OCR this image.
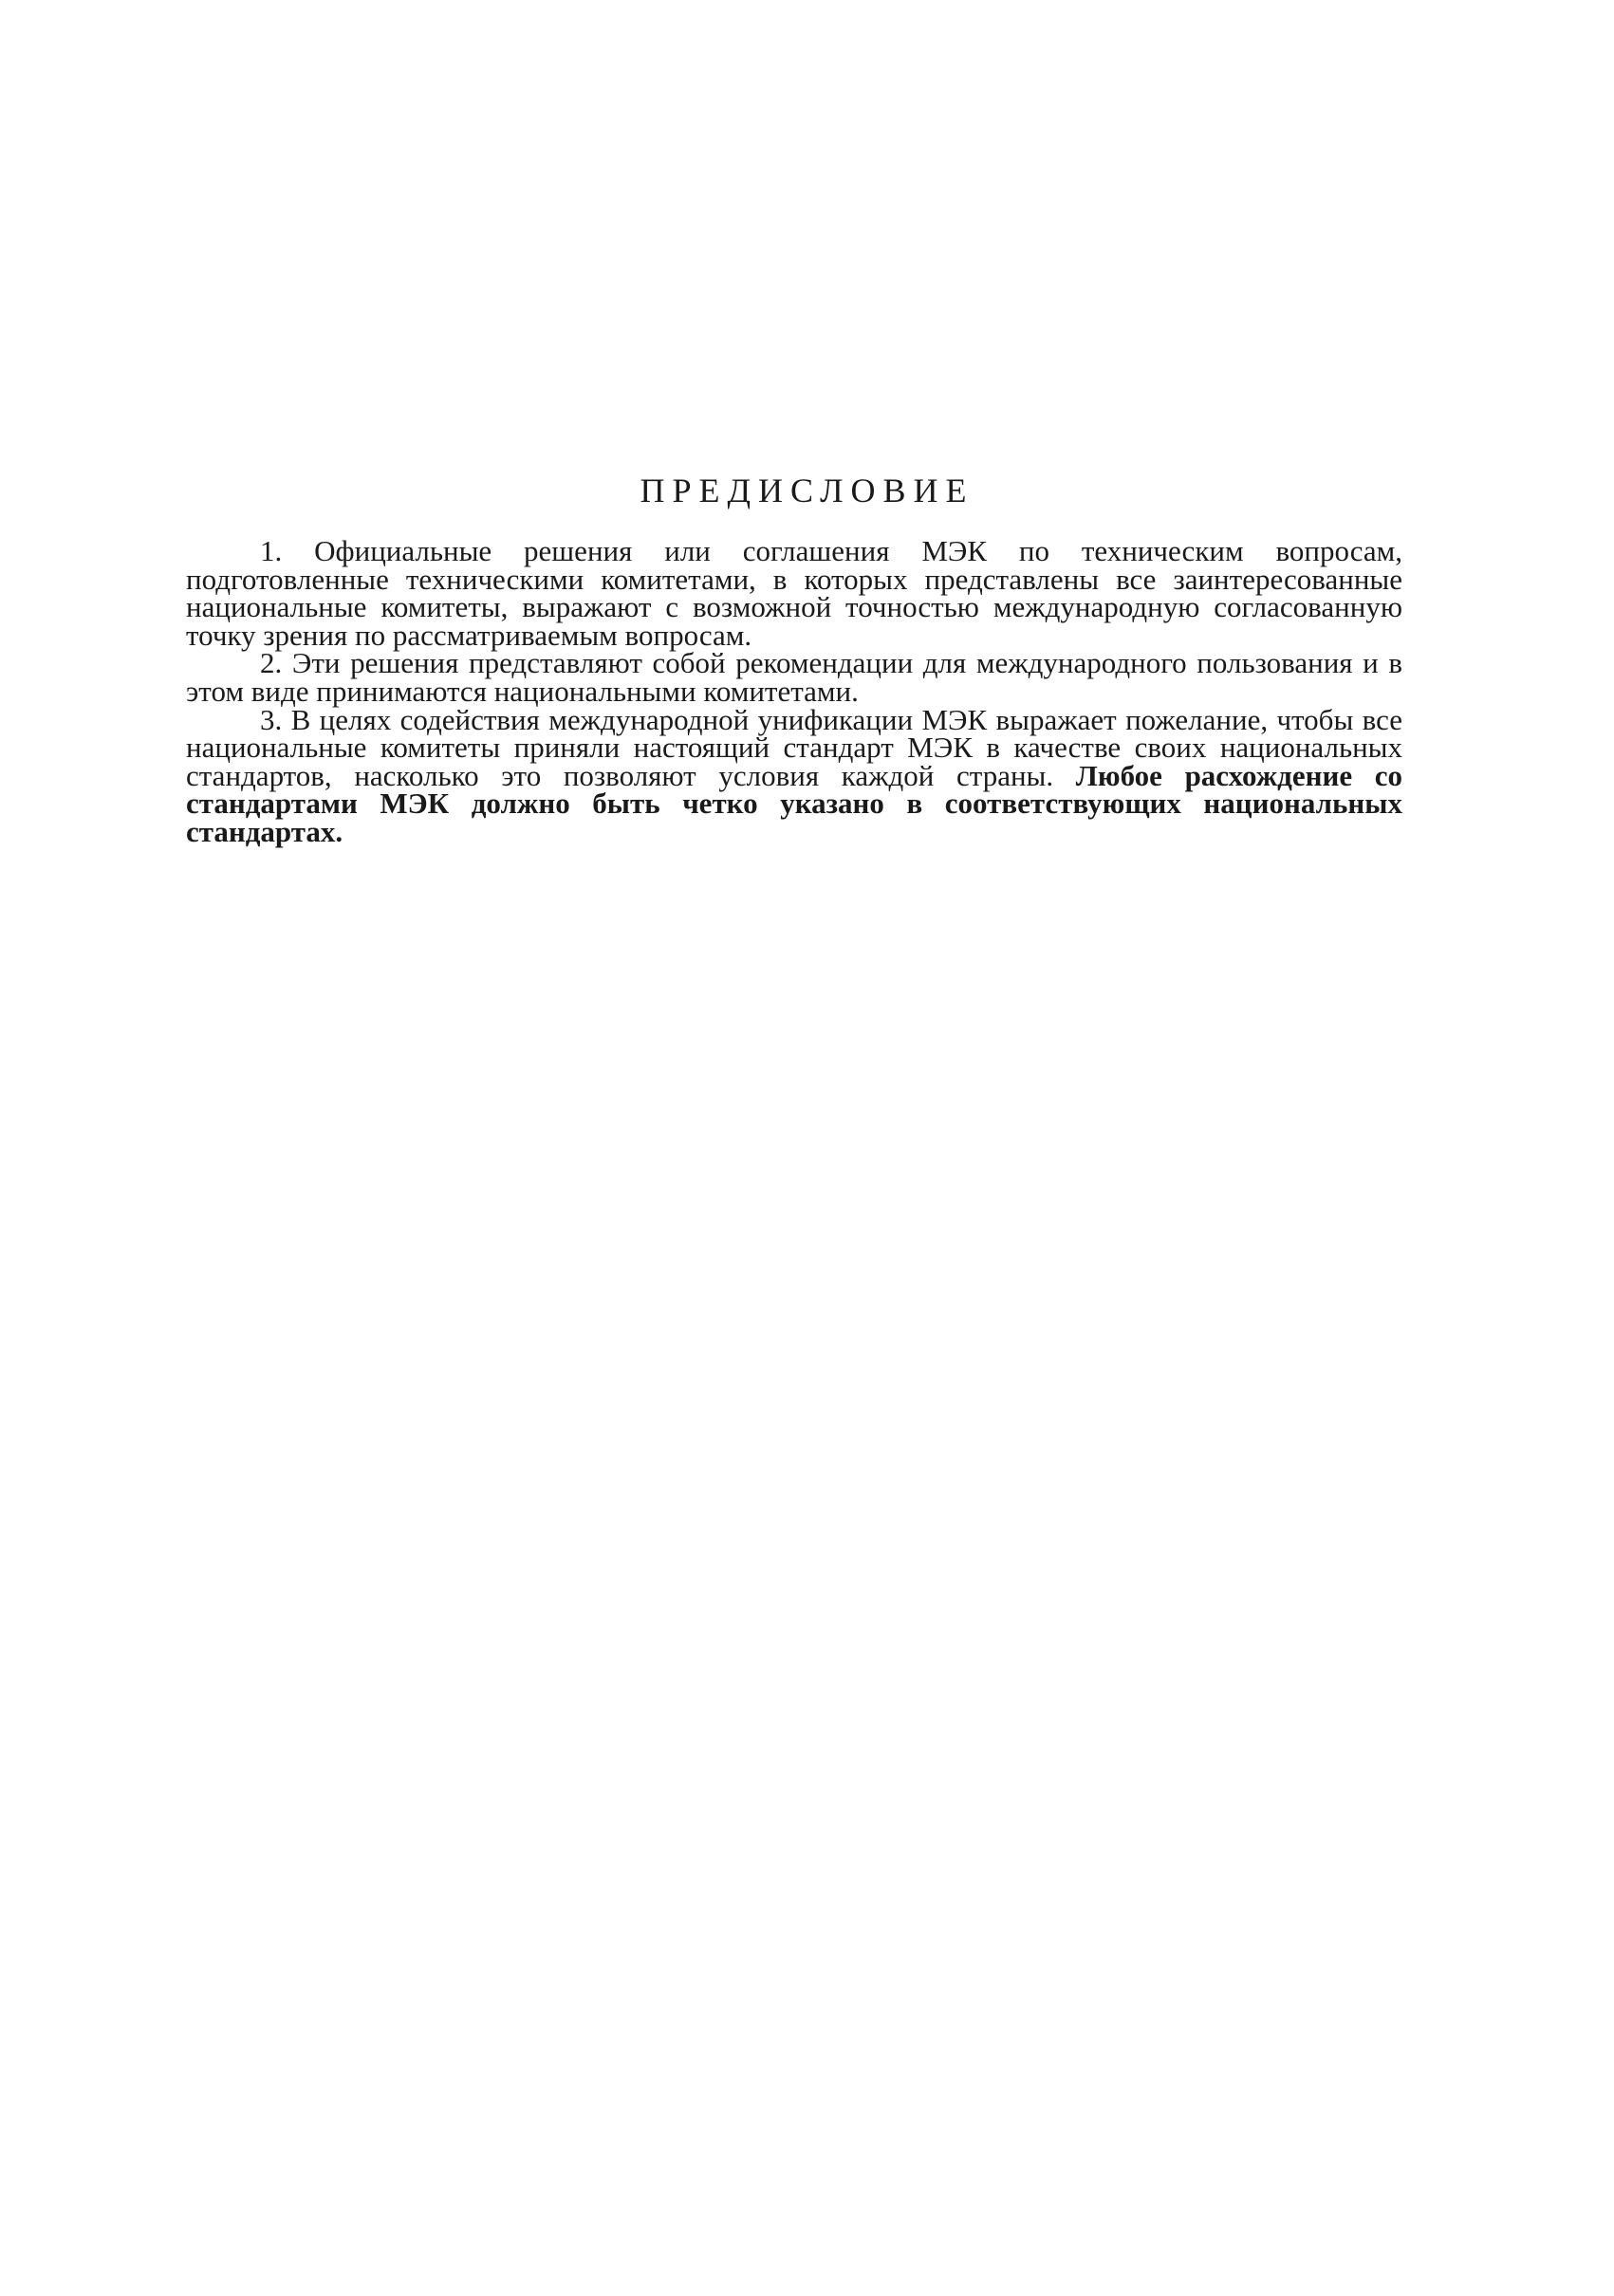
ПРЕДИСЛОВИЕ

1. Официальные решения или соглашения МЭК по техническим вопросам, подготовленные техническими комитетами, в которых представлены все заинтересованные национальные комитеты, выражают с возможной точностью международную согласованную точку зрения по рассматриваемым вопросам.

2. Эти решения представляют собой рекомендации для международного пользования и в этом виде принимаются национальными комитетами.

3. В целях содействия международной унификации МЭК выражает пожелание, чтобы все национальные комитеты приняли настоящий стандарт МЭК в качестве своих национальных стандартов, насколько это позволяют условия каждой страны. Любое расхождение со стандартами МЭК должно быть четко указано в соответствующих национальных стандартах.
